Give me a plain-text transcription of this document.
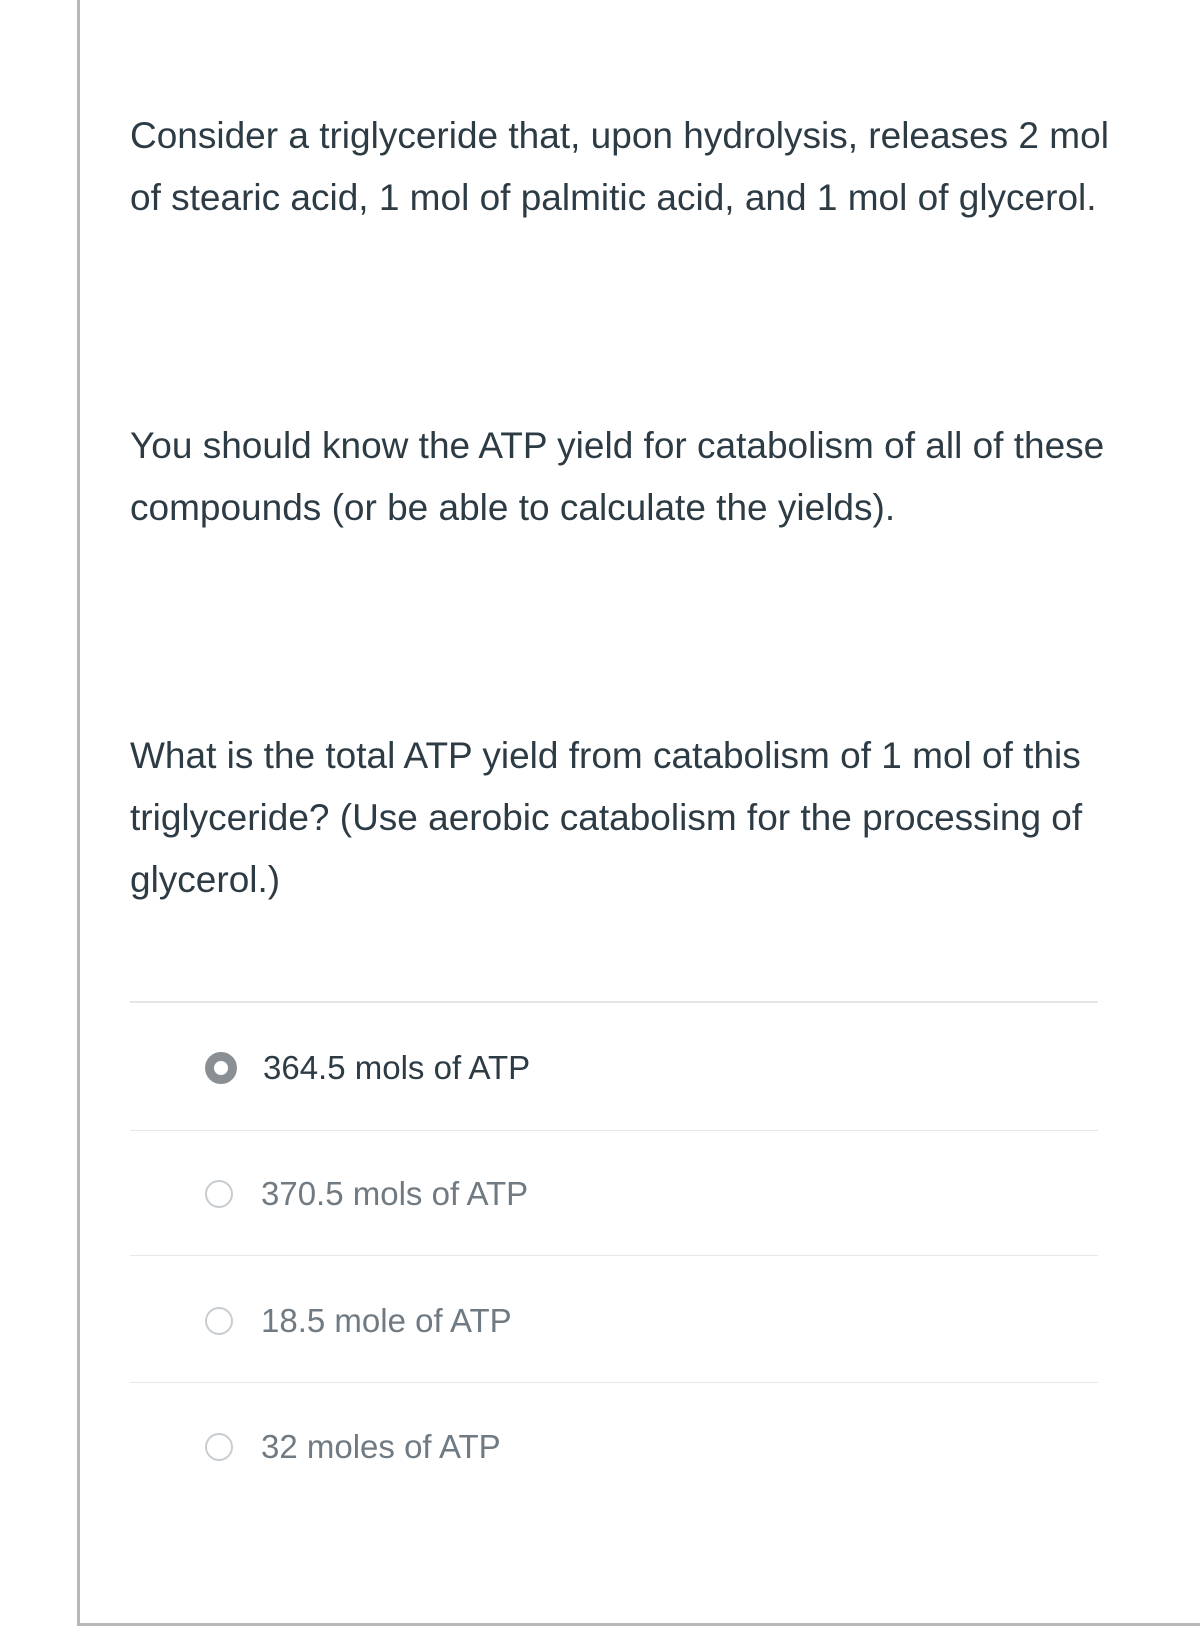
Consider a triglyceride that, upon hydrolysis, releases 2 mol of stearic acid, 1 mol of palmitic acid, and 1 mol of glycerol.

You should know the ATP yield for catabolism of all of these compounds (or be able to calculate the yields).

What is the total ATP yield from catabolism of 1 mol of this triglyceride? (Use aerobic catabolism for the processing of glycerol.)

364.5 mols of ATP
370.5 mols of ATP
18.5 mole of ATP
32 moles of ATP
